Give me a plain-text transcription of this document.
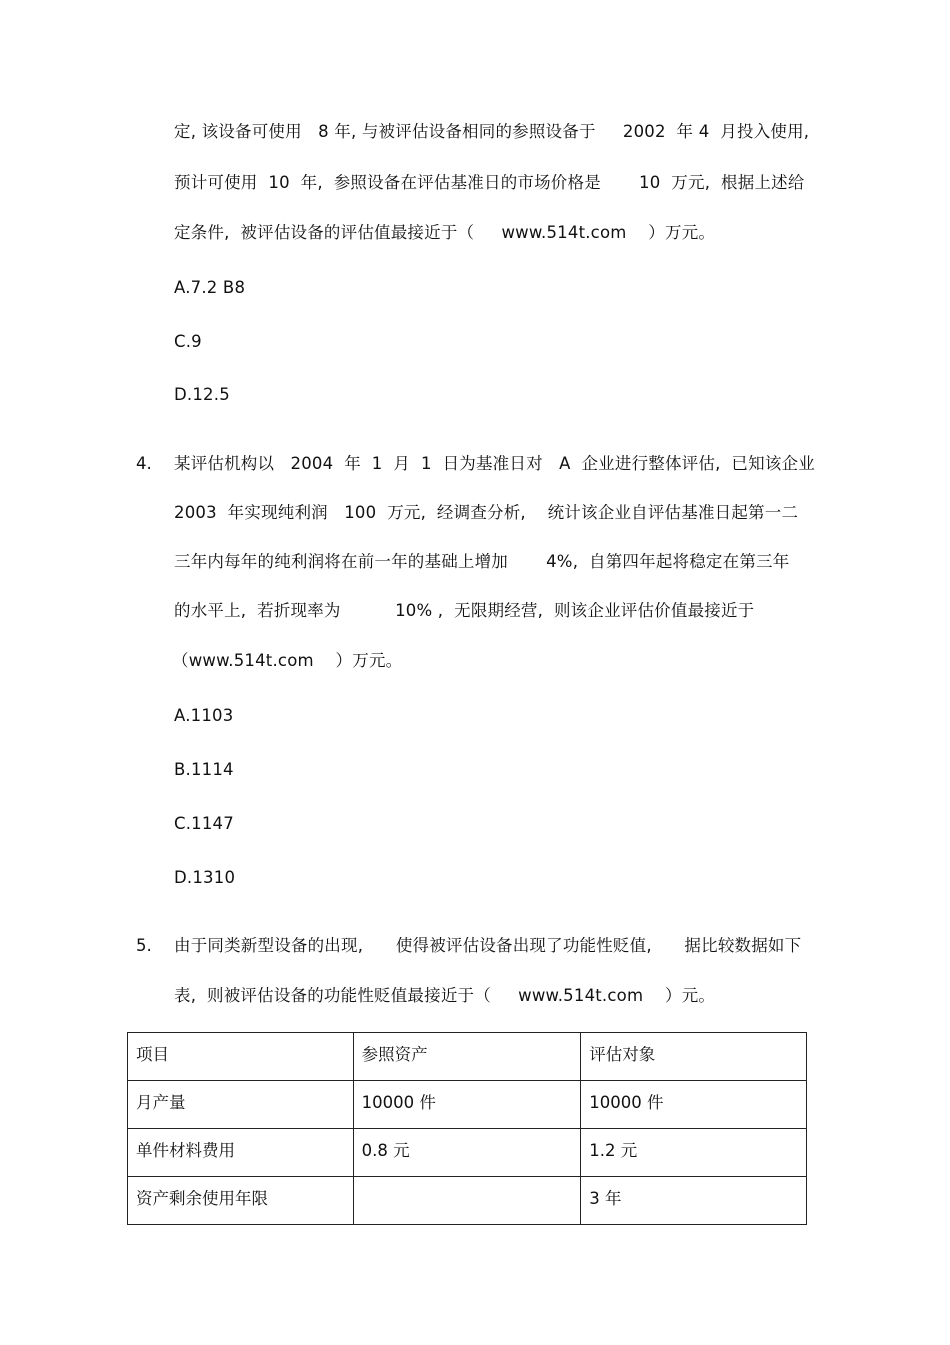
定, 该设备可使用   8 年, 与被评估设备相同的参照设备于     2002  年 4  月投入使用,
预计可使用  10  年,  参照设备在评估基准日的市场价格是       10  万元,  根据上述给
定条件,  被评估设备的评估值最接近于（     www.514t.com    ）万元。
A.7.2 B8
C.9
D.12.5
4. 某评估机构以   2004  年  1  月  1  日为基准日对   A  企业进行整体评估,  已知该企业
2003  年实现纯利润   100  万元,  经调查分析,    统计该企业自评估基准日起第一二
三年内每年的纯利润将在前一年的基础上增加       4%,  自第四年起将稳定在第三年
的水平上,  若折现率为          10% ,  无限期经营,  则该企业评估价值最接近于
（www.514t.com    ）万元。
A.1103
B.1114
C.1147
D.1310
5. 由于同类新型设备的出现,      使得被评估设备出现了功能性贬值,      据比较数据如下
表,  则被评估设备的功能性贬值最接近于（     www.514t.com    ）元。
项目	参照资产	评估对象
月产量	10000 件	10000 件
单件材料费用	0.8 元	1.2 元
资产剩余使用年限		3 年
